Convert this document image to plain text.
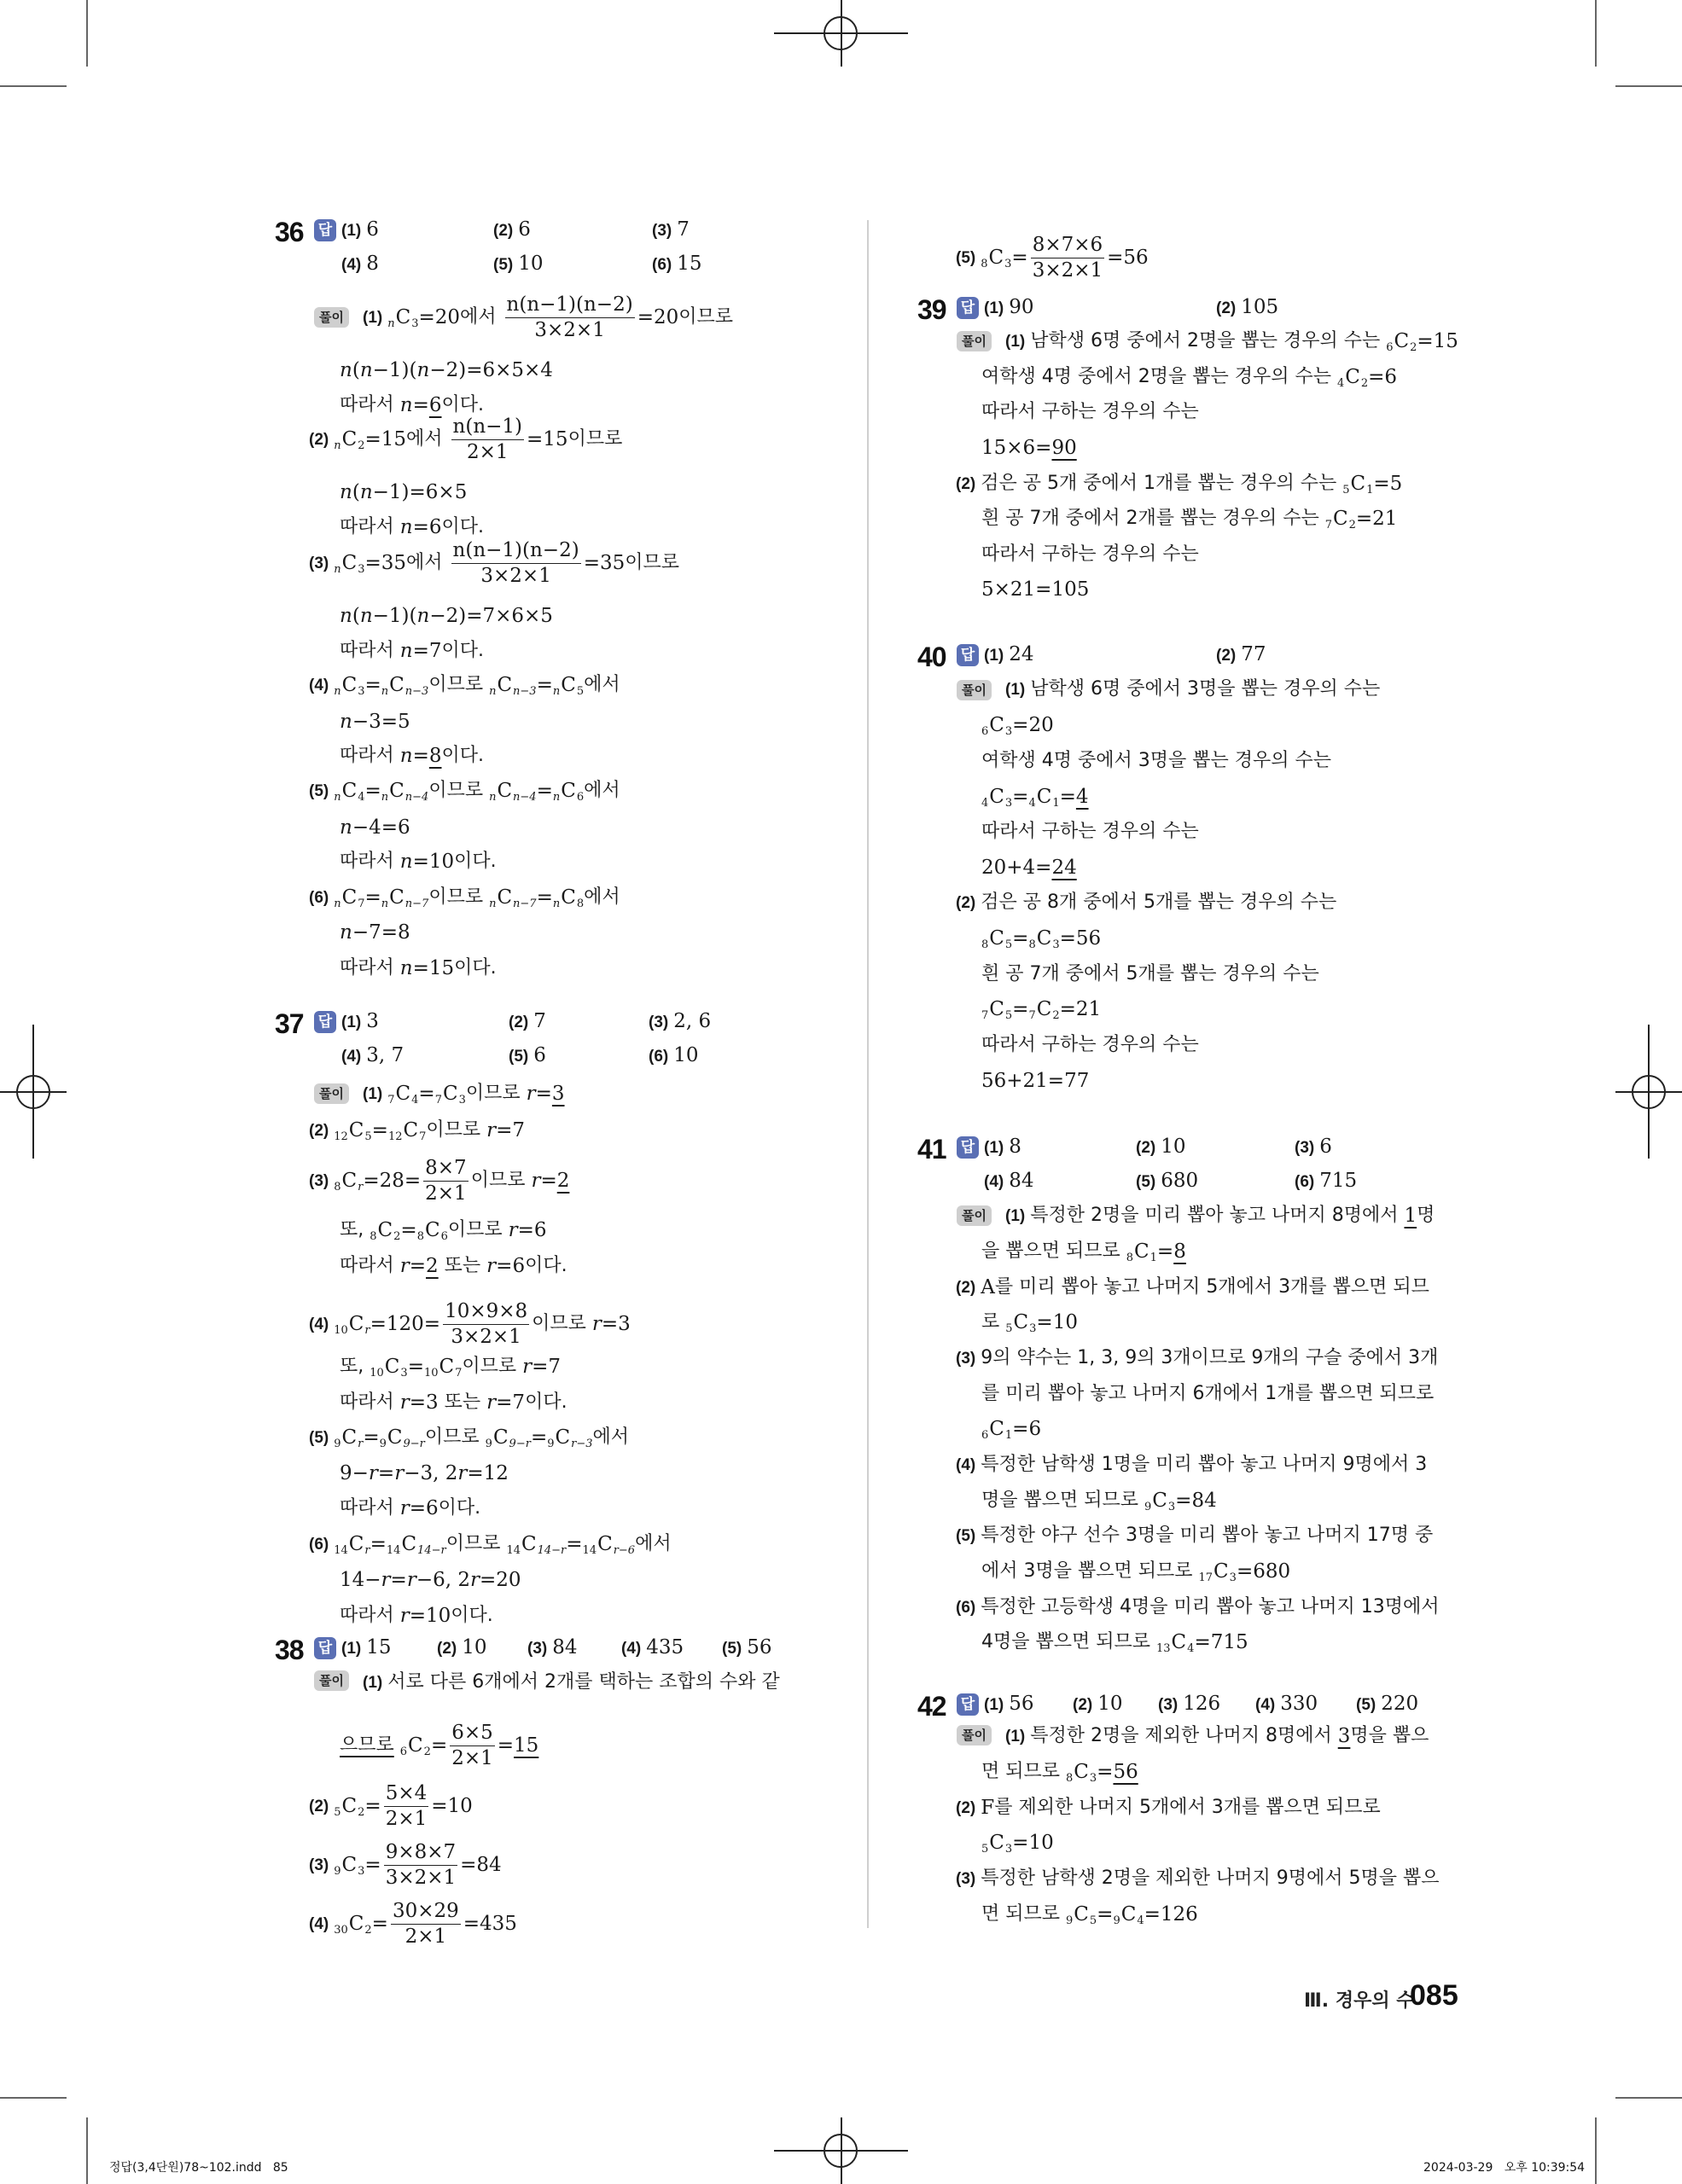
36 답 (1) 6	(2) 6	(3) 7
(4) 8	(5) 10	(6) 15
풀이	(1) n C 3 =20 에서 $\frac{n(n-1)(n-2)}{3\times 2\times 1} =20$ 이므로
n ( n −1)( n −2)=6×5×4
따라서 n = 6 이다.
(2) n C 2 =15 에서 $\frac{n(n-1)}{2\times 1} =15$ 이므로
n ( n −1)=6×5
따라서 n =6 이다.
(3) n C 3 =35 에서 $\frac{n(n-1)(n-2)}{3\times 2\times 1} =35$ 이므로
n ( n −1)( n −2)=7×6×5
따라서 n =7 이다.
(4) n C 3 = n C n−3 이므로 n C n−3 = n C 5 에서
n −3=5
따라서 n = 8 이다.
(5) n C 4 = n C n−4 이므로 n C n−4 = n C 6 에서
n −4=6
따라서 n =10 이다.
(6) n C 7 = n C n−7 이므로 n C n−7 = n C 8 에서
n −7=8
따라서 n =15 이다.
37 답 (1) 3	(2) 7	(3) 2, 6
(4) 3, 7	(5) 6	(6) 10
풀이	(1) 7 C 4 = 7 C 3 이므로 r = 3
(2) 12 C 5 = 12 C 7 이므로 r =7
(3) 8 C $r =28= \frac{8\times 7}{2\times 1}$ 이므로 r = 2
또, 8 C 2 = 8 C 6 이므로 r =6
따라서 r = 2 또는 r =6 이다.
(4) 10 C $r =120= \frac{10\times 9\times 8}{3\times 2\times 1}$ 이므로 r =3
또, 10 C 3 = 10 C 7 이므로 r =7
따라서 r =3 또는 r =7 이다.
(5) 9 C r = 9 C 9−r 이므로 9 C 9−r = 9 C r−3 에서
9− r = r −3, 2 r =12
따라서 r =6 이다.
(6) 14 C r = 14 C 14−r 이므로 14 C 14−r = 14 C r−6 에서
14− r = r −6, 2 r =20
따라서 r =10 이다.
38 답 (1) 15	(2) 10 (3) 84	(4) 435 (5) 56
풀이	(1) 서로 다른 6개에서 2개를 택하는 조합의 수와 같
으므로
6 C $2 = \frac{6\times 5}{2\times 1} = 15$
(2) 5 C $2 = \frac{5\times 4}{2\times 1} =10$
(3) 9 C $3 = \frac{9\times 8\times 7}{3\times 2\times 1} =84$
(4) 30 C $2 = \frac{30\times 29}{2\times 1} =435$
(5) 8 C $3 = \frac{8\times 7\times 6}{3\times 2\times 1} =56$
39 답 (1) 90	(2) 105
풀이	(1) 남학생 6명 중에서 2명을 뽑는 경우의 수는 6 C 2 =15
여학생 4명 중에서 2명을 뽑는 경우의 수는 4 C 2 =6
따라서 구하는 경우의 수는
15×6= 90
(2) 검은 공 5개 중에서 1개를 뽑는 경우의 수는 5 C 1 =5
흰 공 7개 중에서 2개를 뽑는 경우의 수는 7 C 2 =21
따라서 구하는 경우의 수는
5×21=105
40 답 (1) 24	(2) 77
풀이	(1) 남학생 6명 중에서 3명을 뽑는 경우의 수는
6 C 3 =20
여학생 4명 중에서 3명을 뽑는 경우의 수는
4 C 3 = 4 C 1 = 4
따라서 구하는 경우의 수는
20+4= 24
(2) 검은 공 8개 중에서 5개를 뽑는 경우의 수는
8 C 5 = 8 C 3 =56
흰 공 7개 중에서 5개를 뽑는 경우의 수는
7 C 5 = 7 C 2 =21
따라서 구하는 경우의 수는
56+21=77
41 답 (1) 8	(2) 10	(3) 6
(4) 84	(5) 680	(6) 715
풀이	(1) 특정한 2명을 미리 뽑아 놓고 나머지 8명에서 1 명
을 뽑으면 되므로 8 C 1 = 8
(2) A 를 미리 뽑아 놓고 나머지 5개에서 3개를 뽑으면 되므
로 5 C 3 =10
(3) 9의 약수는 1, 3, 9의 3개이므로 9개의 구슬 중에서 3개
를 미리 뽑아 놓고 나머지 6개에서 1개를 뽑으면 되므로
6 C 1 =6
(4) 특정한 남학생 1명을 미리 뽑아 놓고 나머지 9명에서 3
명을 뽑으면 되므로 9 C 3 =84
(5) 특정한 야구 선수 3명을 미리 뽑아 놓고 나머지 17명 중
에서 3명을 뽑으면 되므로 17 C 3 =680
(6) 특정한 고등학생 4명을 미리 뽑아 놓고 나머지 13명에서
4명을 뽑으면 되므로 13 C 4 =715
42 답 (1) 56 (2) 10 (3) 126 (4) 330 (5) 220
풀이	(1) 특정한 2명을 제외한 나머지 8명에서 3 명을 뽑으
면 되므로 8 C 3 = 56
(2) F 를 제외한 나머지 5개에서 3개를 뽑으면 되므로
5 C 3 =10
(3) 특정한 남학생 2명을 제외한 나머지 9명에서 5명을 뽑으
면 되므로 9 C 5 = 9 C 4 =126
Ⅲ. 경우의 수
085
정답(3,4단원)78~102.indd   85	2024-03-29   오후 10:39:54
